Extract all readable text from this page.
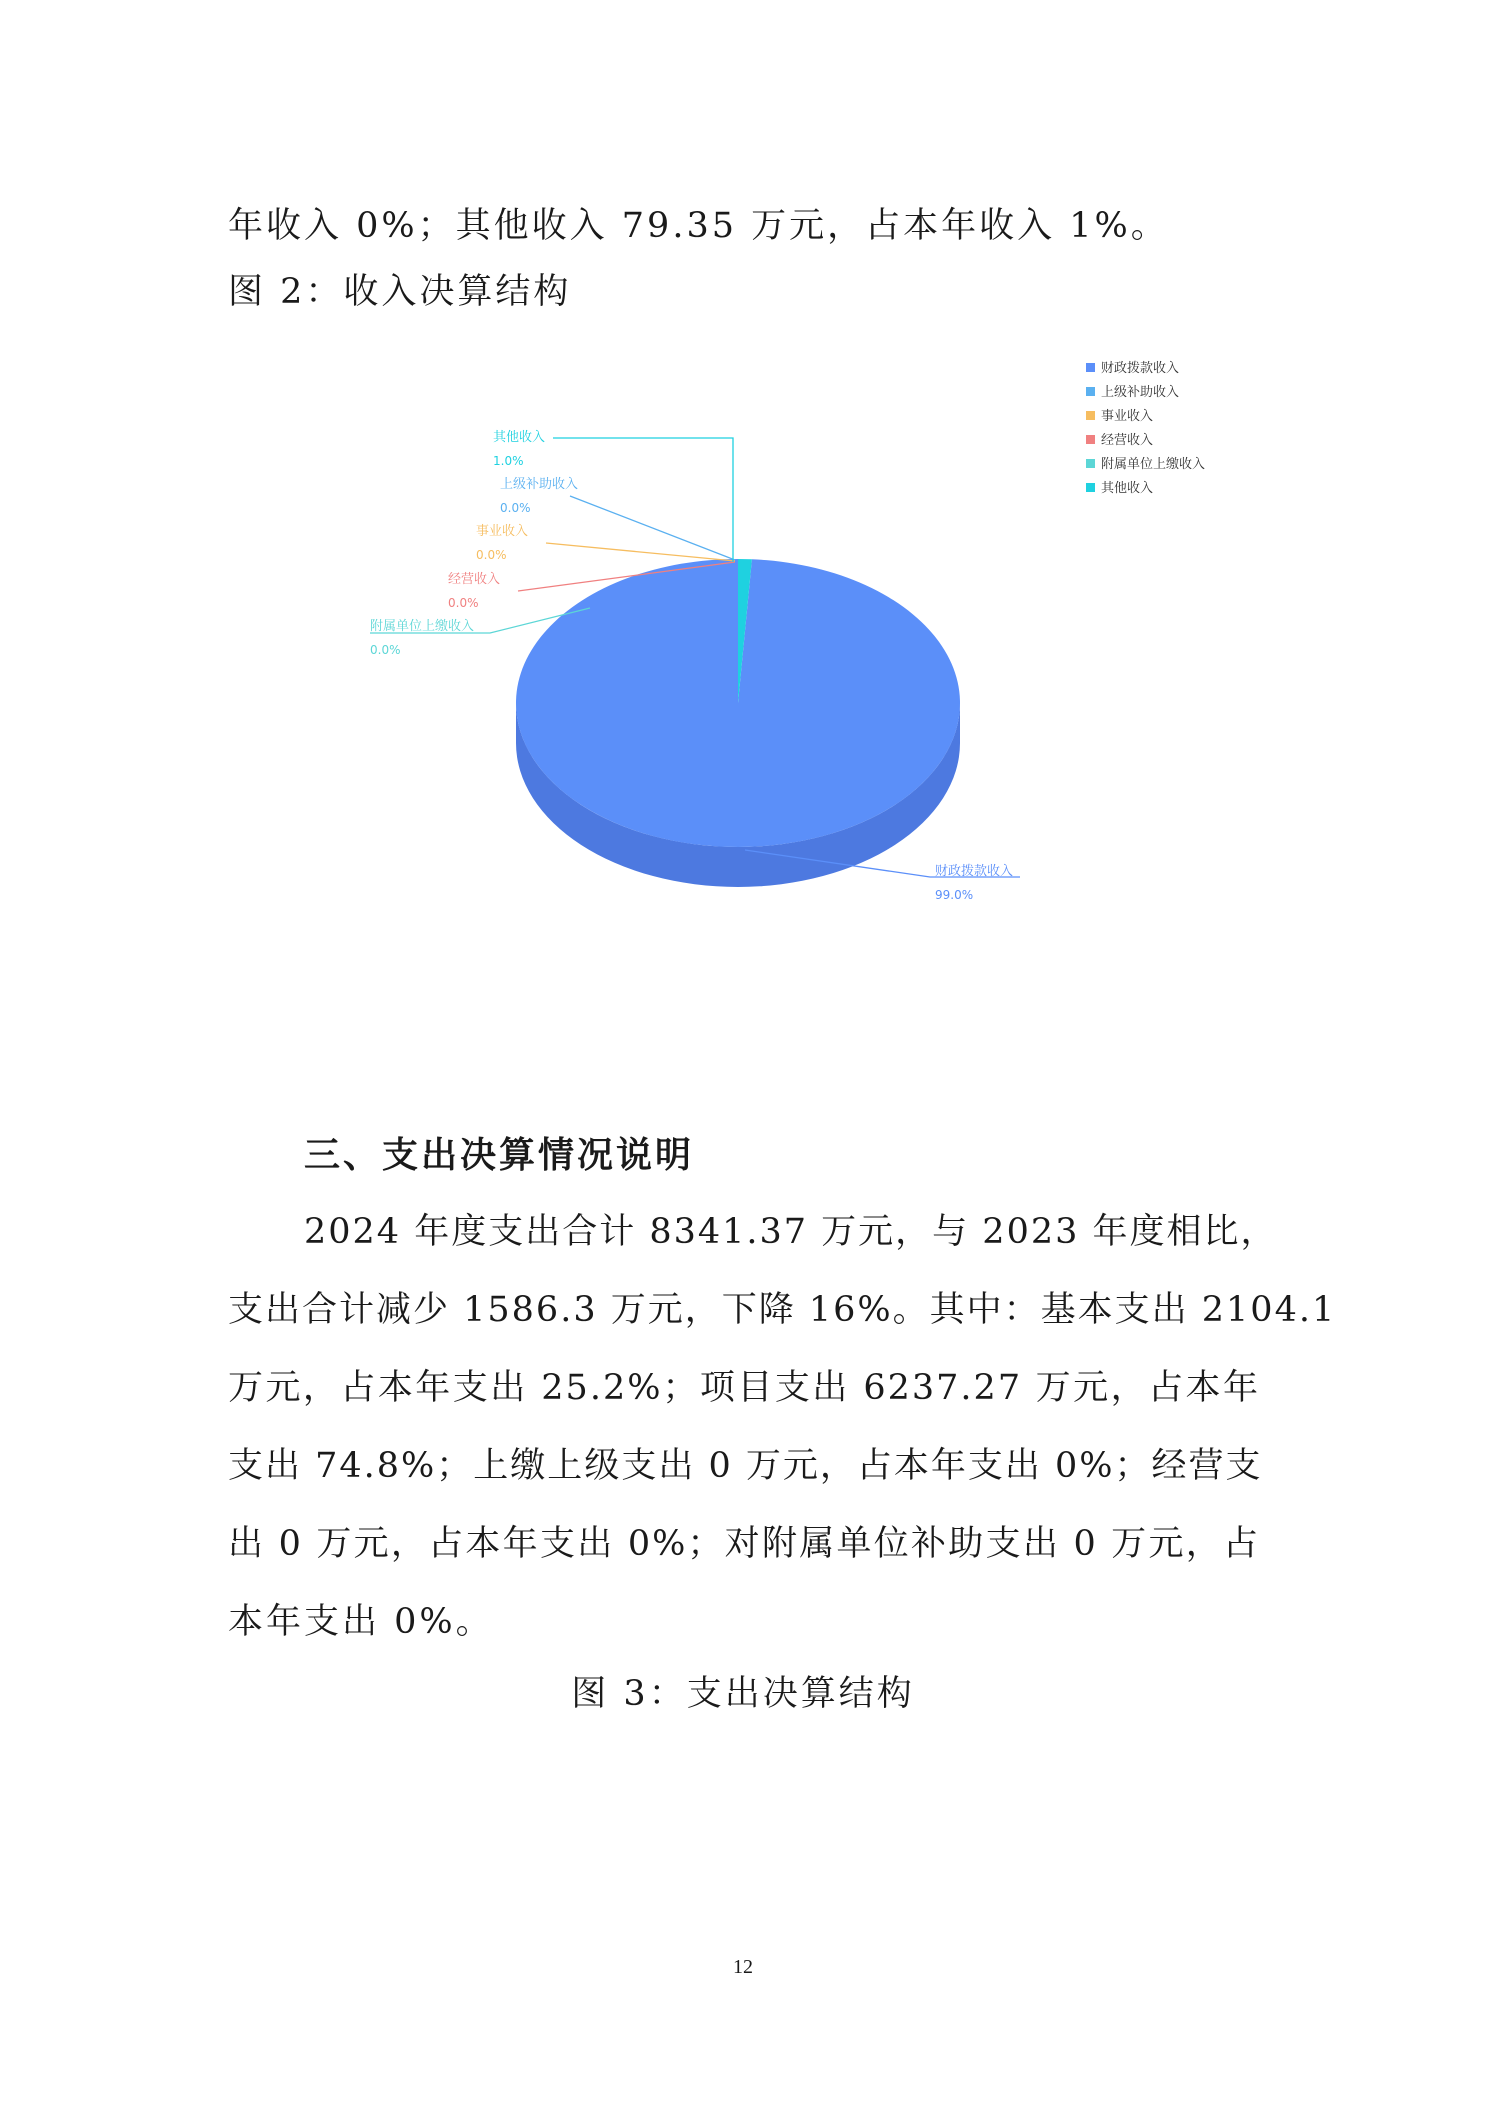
年收入 0%；其他收入 79.35 万元，占本年收入 1%。

图 2：收入决算结构

财政拨款收入
99.0%
上级补助收入
0.0%
事业收入
0.0%
经营收入
0.0%
附属单位上缴收入
0.0%
其他收入
1.0%
财政拨款收入
上级补助收入
事业收入
经营收入
附属单位上缴收入
其他收入
三、支出决算情况说明

2024 年度支出合计 8341.37 万元，与 2023 年度相比，

支出合计减少 1586.3 万元，下降 16%。其中：基本支出 2104.1

万元，占本年支出 25.2%；项目支出 6237.27 万元，占本年

支出 74.8%；上缴上级支出 0 万元，占本年支出 0%；经营支

出 0 万元，占本年支出 0%；对附属单位补助支出 0 万元，占

本年支出 0%。

图 3：支出决算结构

12
